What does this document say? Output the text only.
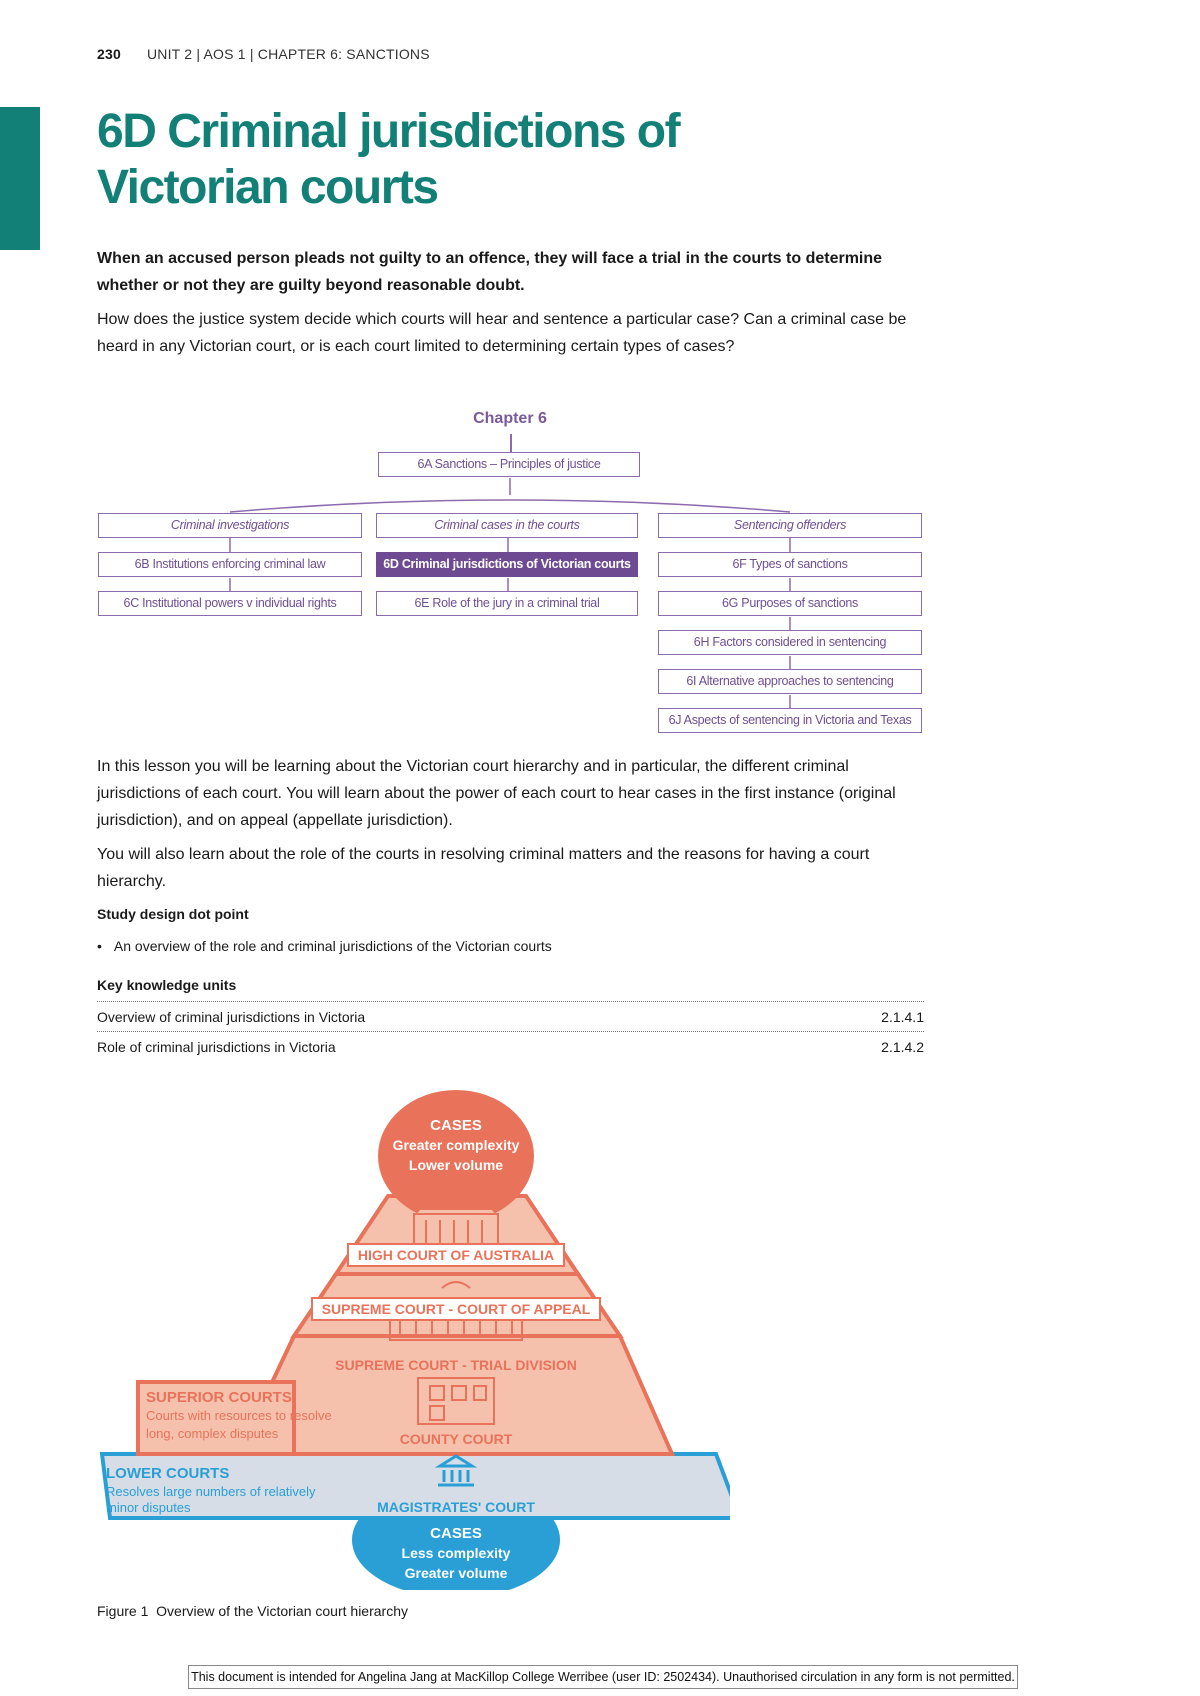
230 UNIT 2 | AOS 1 | CHAPTER 6: SANCTIONS
6D Criminal jurisdictions of
Victorian courts

When an accused person pleads not guilty to an offence, they will face a trial in the courts to determine whether or not they are guilty beyond reasonable doubt.

How does the justice system decide which courts will hear and sentence a particular case? Can a criminal case be heard in any Victorian court, or is each court limited to determining certain types of cases?

Chapter 6
6A Sanctions – Principles of justice
Criminal investigations
6B Institutions enforcing criminal law
6C Institutional powers v individual rights
Criminal cases in the courts
6D Criminal jurisdictions of Victorian courts
6E Role of the jury in a criminal trial
Sentencing offenders
6F Types of sanctions
6G Purposes of sanctions
6H Factors considered in sentencing
6I Alternative approaches to sentencing
6J Aspects of sentencing in Victoria and Texas

In this lesson you will be learning about the Victorian court hierarchy and in particular, the different criminal jurisdictions of each court. You will learn about the power of each court to hear cases in the first instance (original jurisdiction), and on appeal (appellate jurisdiction).

You will also learn about the role of the courts in resolving criminal matters and the reasons for having a court hierarchy.

Study design dot point
• An overview of the role and criminal jurisdictions of the Victorian courts
Key knowledge units
Overview of criminal jurisdictions in Victoria	2.1.4.1
Role of criminal jurisdictions in Victoria	2.1.4.2
CASES
Greater complexity
Lower volume
HIGH COURT OF AUSTRALIA
SUPREME COURT - COURT OF APPEAL
SUPREME COURT - TRIAL DIVISION
SUPERIOR COURTS
Courts with resources to resolve
long, complex disputes	COUNTY COURT
LOWER COURTS
Resolves large numbers of relatively
minor disputes	MAGISTRATES' COURT
CASES
Less complexity
Greater volume
Figure 1 Overview of the Victorian court hierarchy
This document is intended for Angelina Jang at MacKillop College Werribee (user ID: 2502434). Unauthorised circulation in any form is not permitted.
